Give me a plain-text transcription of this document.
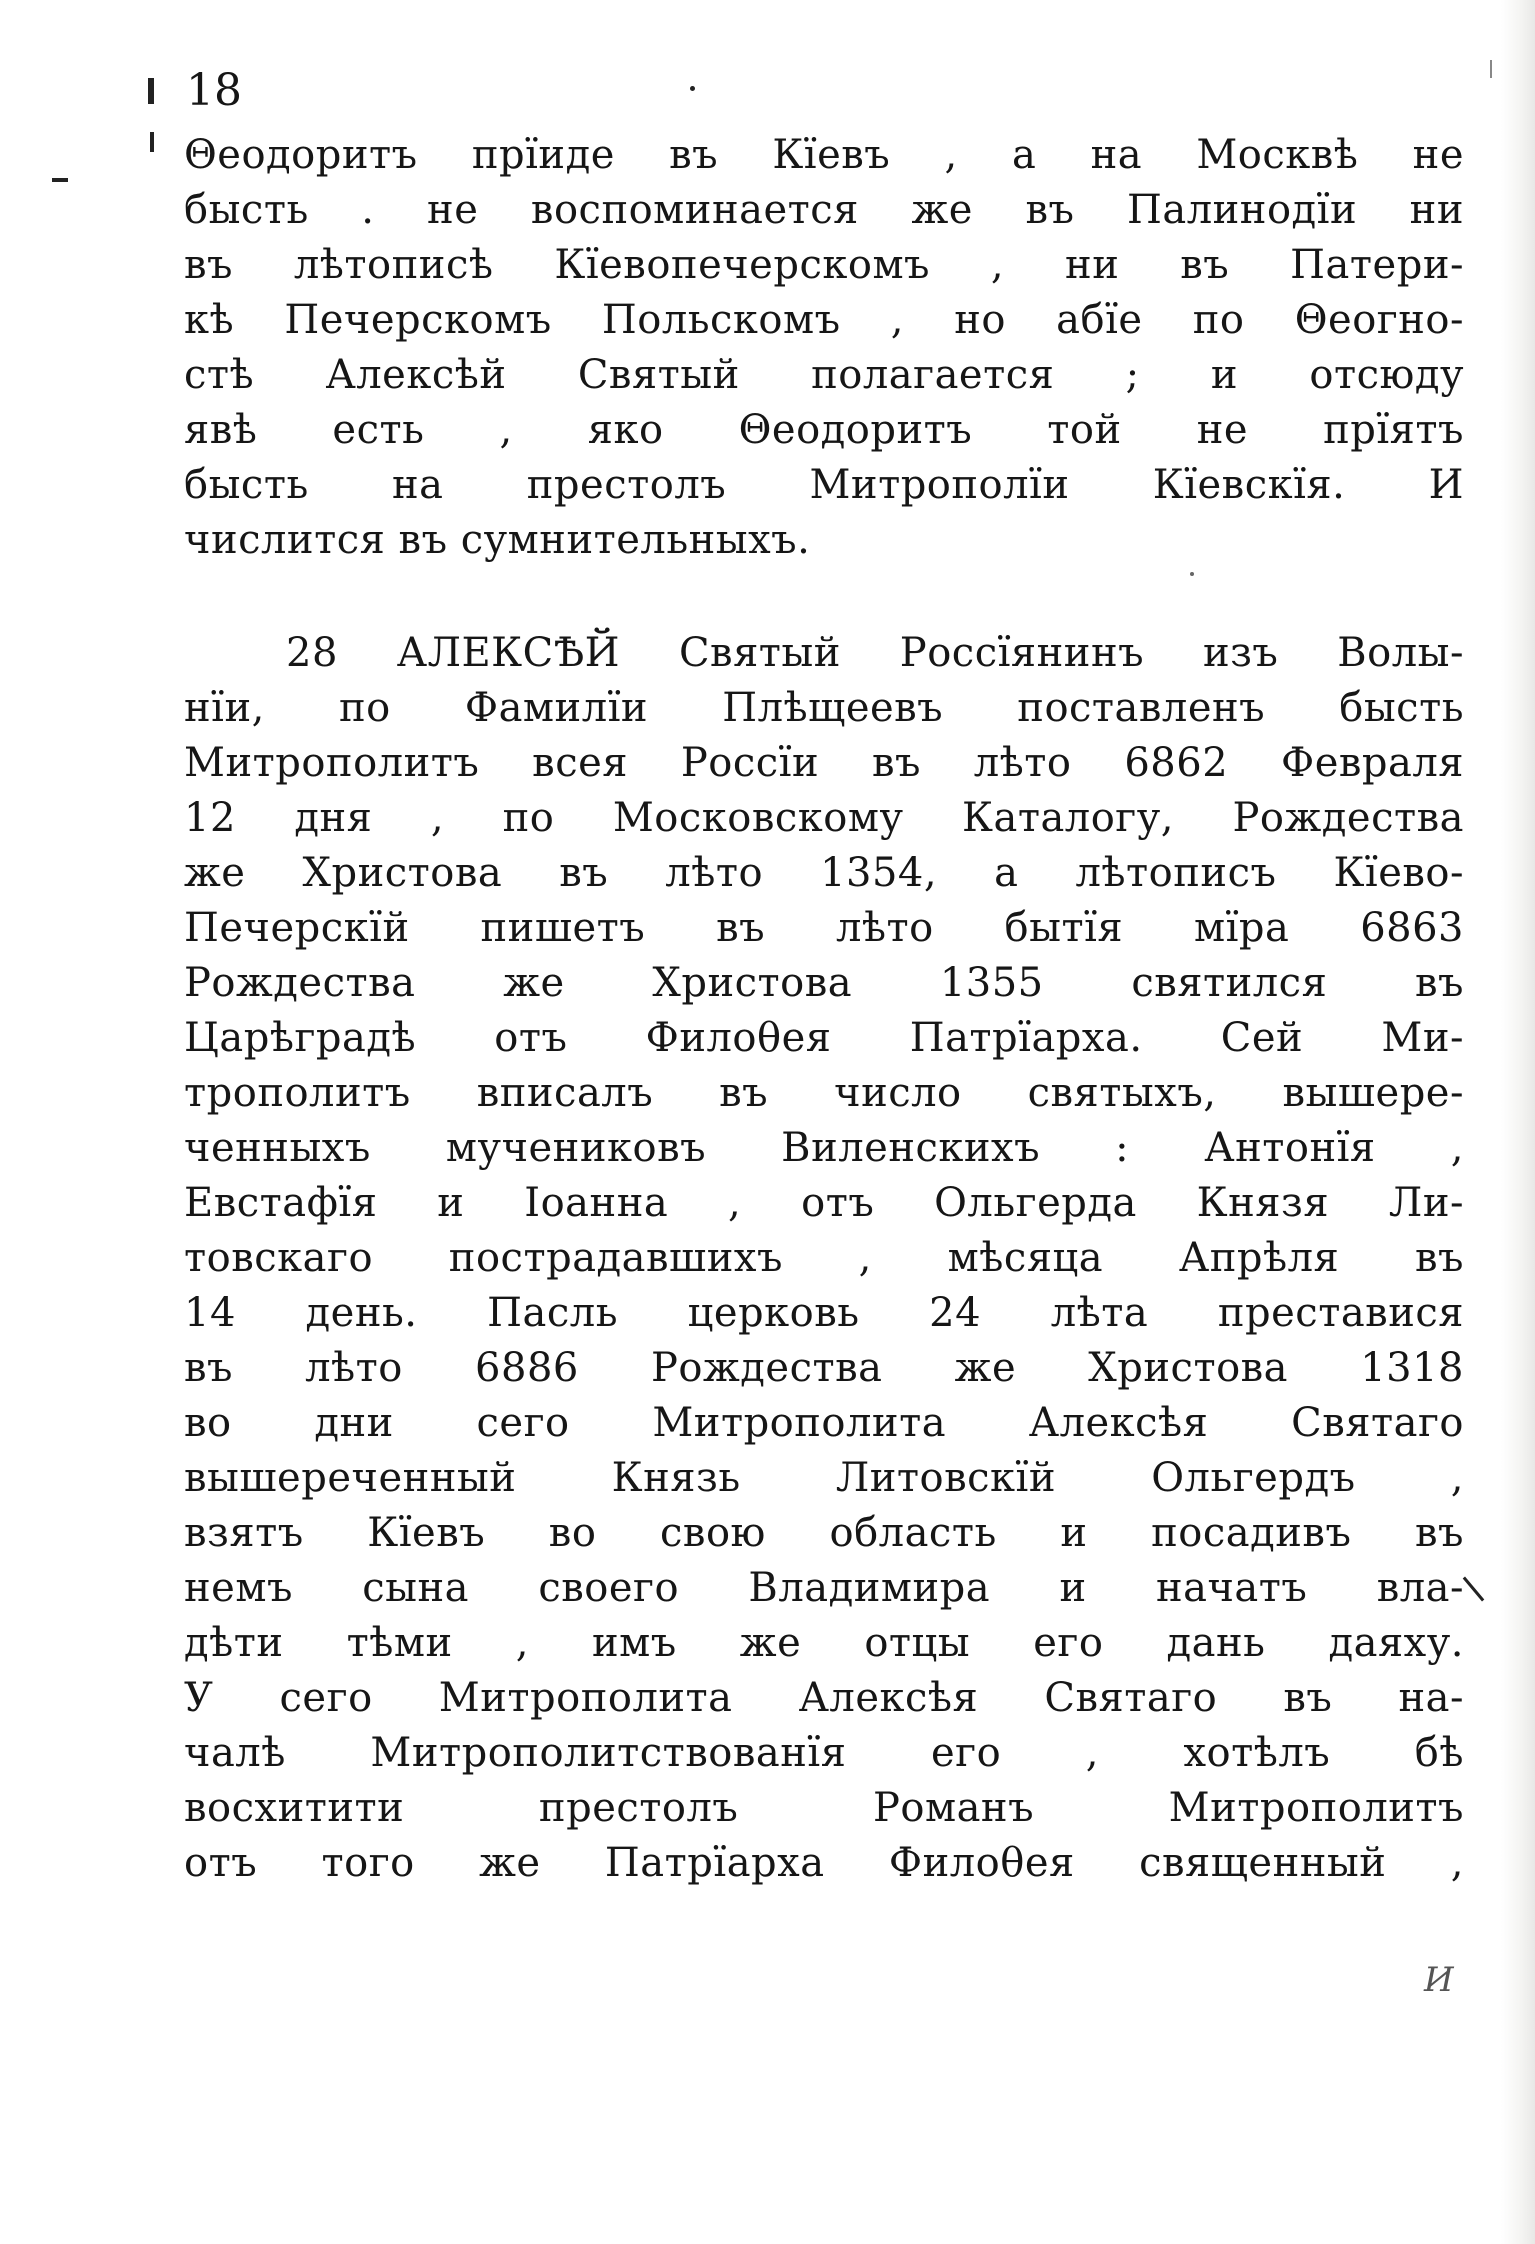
18
Θеодоритъ прїиде въ Кїевъ , а на Москвѣ не
бысть . не воспоминается же въ Палинодїи ни
въ лѣтописѣ Кїевопечерскомъ , ни въ Патери-
кѣ Печерскомъ Польскомъ , но абїе по Θеогно-
стѣ Алексѣй Святый полагается ; и отсюду
явѣ есть , яко Θеодоритъ той не прїятъ
бысть на престолъ Митрополїи Кїевскїя. И
числится въ сумнительныхъ.
28 АЛЕКСѢЙ Святый Россїянинъ изъ Волы-
нїи, по Фамилїи Плѣщеевъ поставленъ бысть
Митрополитъ всея Россїи въ лѣто 6862 Февраля
12 дня , по Московскому Каталогу, Рождества
же Христова въ лѣто 1354, а лѣтописъ Кїево-
Печерскїй пишетъ въ лѣто бытїя мїра 6863
Рождества же Христова 1355 святился въ
Царѣградѣ отъ Филоθея Патрїарха. Сей Ми-
трополитъ вписалъ въ число святыхъ, вышере-
ченныхъ мучениковъ Виленскихъ : Антонїя ,
Евстафїя и Іоанна , отъ Ольгерда Князя Ли-
товскаго пострадавшихъ , мѣсяца Апрѣля въ
14 день. Пасль церковь 24 лѣта преставися
въ лѣто 6886 Рождества же Христова 1318
во дни сего Митрополита Алексѣя Святаго
вышереченный Князь Литовскїй Ольгердъ ,
взятъ Кїевъ во свою область и посадивъ въ
немъ сына своего Владимира и начатъ вла-
дѣти тѣми , имъ же отцы его дань даяху.
У сего Митрополита Алексѣя Святаго въ на-
чалѣ Митрополитствованїя его , хотѣлъ бѣ
восхитити престолъ Романъ Митрополитъ
отъ того же Патрїарха Филоθея священный ,
И
